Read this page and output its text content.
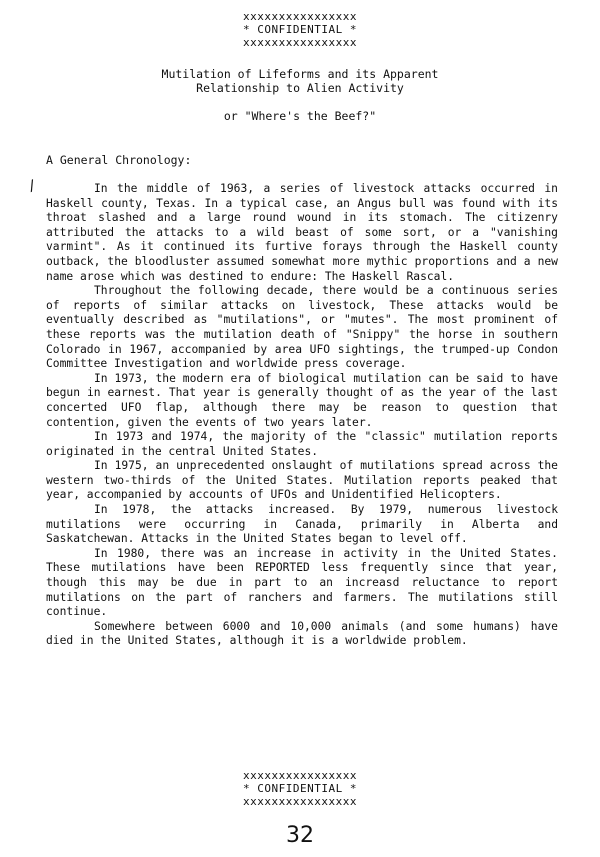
xxxxxxxxxxxxxxxx
* CONFIDENTIAL *
xxxxxxxxxxxxxxxx
Mutilation of Lifeforms and its Apparent
Relationship to Alien Activity
or "Where's the Beef?"
A General Chronology:
/	In the middle of 1963, a series of livestock attacks occurred in Haskell county, Texas. In a typical case, an Angus bull was found with its throat slashed and a large round wound in its stomach. The citizenry attributed the attacks to a wild beast of some sort, or a "vanishing varmint". As it continued its furtive forays through the Haskell county outback, the bloodluster assumed somewhat more mythic proportions and a new name arose which was destined to endure: The Haskell Rascal.

Throughout the following decade, there would be a continuous series of reports of similar attacks on livestock, These attacks would be eventually described as "mutilations", or "mutes". The most prominent of these reports was the mutilation death of "Snippy" the horse in southern Colorado in 1967, accompanied by area UFO sightings, the trumped-up Condon Committee Investigation and worldwide press coverage.

In 1973, the modern era of biological mutilation can be said to have begun in earnest. That year is generally thought of as the year of the last concerted UFO flap, although there may be reason to question that contention, given the events of two years later.

In 1973 and 1974, the majority of the "classic" mutilation reports originated in the central United States.

In 1975, an unprecedented onslaught of mutilations spread across the western two-thirds of the United States. Mutilation reports peaked that year, accompanied by accounts of UFOs and Unidentified Helicopters.

In 1978, the attacks increased. By 1979, numerous livestock mutilations were occurring in Canada, primarily in Alberta and Saskatchewan. Attacks in the United States began to level off.

In 1980, there was an increase in activity in the United States. These mutilations have been REPORTED less frequently since that year, though this may be due in part to an increasd reluctance to report mutilations on the part of ranchers and farmers. The mutilations still continue.

Somewhere between 6000 and 10,000 animals (and some humans) have died in the United States, although it is a worldwide problem.

xxxxxxxxxxxxxxxx
* CONFIDENTIAL *
xxxxxxxxxxxxxxxx
32
